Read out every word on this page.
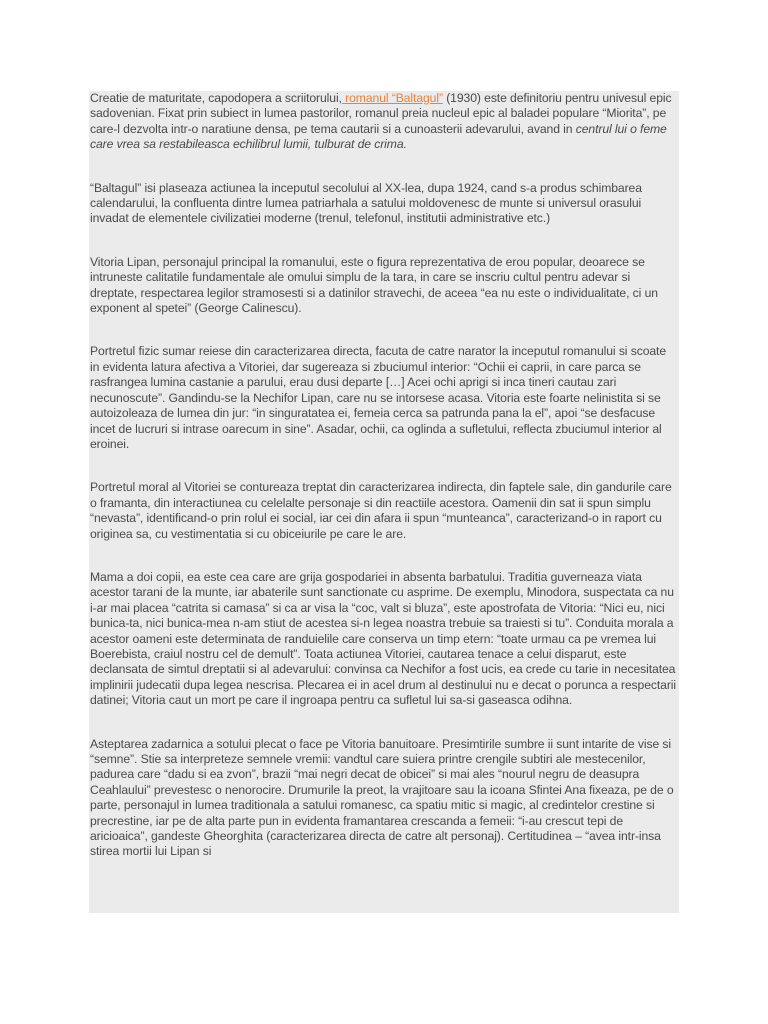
Creatie de maturitate, capodopera a scriitorului, romanul “Baltagul” (1930) este definitoriu pentru univesul epic sadovenian. Fixat prin subiect in lumea pastorilor, romanul preia nucleul epic al baladei populare “Miorita”, pe care-l dezvolta intr-o naratiune densa, pe tema cautarii si a cunoasterii adevarului, avand in centrul lui o feme care vrea sa restabileasca echilibrul lumii, tulburat de crima.

“Baltagul” isi plaseaza actiunea la inceputul secolului al XX-lea, dupa 1924, cand s-a produs schimbarea calendarului, la confluenta dintre lumea patriarhala a satului moldovenesc de munte si universul orasului invadat de elementele civilizatiei moderne (trenul, telefonul, institutii administrative etc.)

Vitoria Lipan, personajul principal la romanului, este o figura reprezentativa de erou popular, deoarece se intruneste calitatile fundamentale ale omului simplu de la tara, in care se inscriu cultul pentru adevar si dreptate, respectarea legilor stramosesti si a datinilor stravechi, de aceea “ea nu este o individualitate, ci un exponent al spetei” (George Calinescu).

Portretul fizic sumar reiese din caracterizarea directa, facuta de catre narator la inceputul romanului si scoate in evidenta latura afectiva a Vitoriei, dar sugereaza si zbuciumul interior: “Ochii ei caprii, in care parca se rasfrangea lumina castanie a parului, erau dusi departe […] Acei ochi aprigi si inca tineri cautau zari necunoscute”. Gandindu-se la Nechifor Lipan, care nu se intorsese acasa. Vitoria este foarte nelinistita si se autoizoleaza de lumea din jur: “in singuratatea ei, femeia cerca sa patrunda pana la el”, apoi “se desfacuse incet de lucruri si intrase oarecum in sine”. Asadar, ochii, ca oglinda a sufletului, reflecta zbuciumul interior al eroinei.

Portretul moral al Vitoriei se contureaza treptat din caracterizarea indirecta, din faptele sale, din gandurile care o framanta, din interactiunea cu celelalte personaje si din reactiile acestora. Oamenii din sat ii spun simplu “nevasta”, identificand-o prin rolul ei social, iar cei din afara ii spun “munteanca”, caracterizand-o in raport cu originea sa, cu vestimentatia si cu obiceiurile pe care le are.

Mama a doi copii, ea este cea care are grija gospodariei in absenta barbatului. Traditia guverneaza viata acestor tarani de la munte, iar abaterile sunt sanctionate cu asprime. De exemplu, Minodora, suspectata ca nu i-ar mai placea “catrita si camasa” si ca ar visa la “coc, valt si bluza”, este apostrofata de Vitoria: “Nici eu, nici bunica-ta, nici bunica-mea n-am stiut de acestea si-n legea noastra trebuie sa traiesti si tu”. Conduita morala a acestor oameni este determinata de randuielile care conserva un timp etern: “toate urmau ca pe vremea lui Boerebista, craiul nostru cel de demult”. Toata actiunea Vitoriei, cautarea tenace a celui disparut, este declansata de simtul dreptatii si al adevarului: convinsa ca Nechifor a fost ucis, ea crede cu tarie in necesitatea implinirii judecatii dupa legea nescrisa. Plecarea ei in acel drum al destinului nu e decat o porunca a respectarii datinei; Vitoria caut un mort pe care il ingroapa pentru ca sufletul lui sa-si gaseasca odihna.

Asteptarea zadarnica a sotului plecat o face pe Vitoria banuitoare. Presimtirile sumbre ii sunt intarite de vise si “semne”. Stie sa interpreteze semnele vremii: vandtul care suiera printre crengile subtiri ale mestecenilor, padurea care “dadu si ea zvon”, brazii “mai negri decat de obicei” si mai ales “nourul negru de deasupra Ceahlaului” prevestesc o nenorocire. Drumurile la preot, la vrajitoare sau la icoana Sfintei Ana fixeaza, pe de o parte, personajul in lumea traditionala a satului romanesc, ca spatiu mitic si magic, al credintelor crestine si precrestine, iar pe de alta parte pun in evidenta framantarea crescanda a femeii: “i-au crescut tepi de aricioaica”, gandeste Gheorghita (caracterizarea directa de catre alt personaj). Certitudinea – “avea intr-insa stirea mortii lui Lipan si
